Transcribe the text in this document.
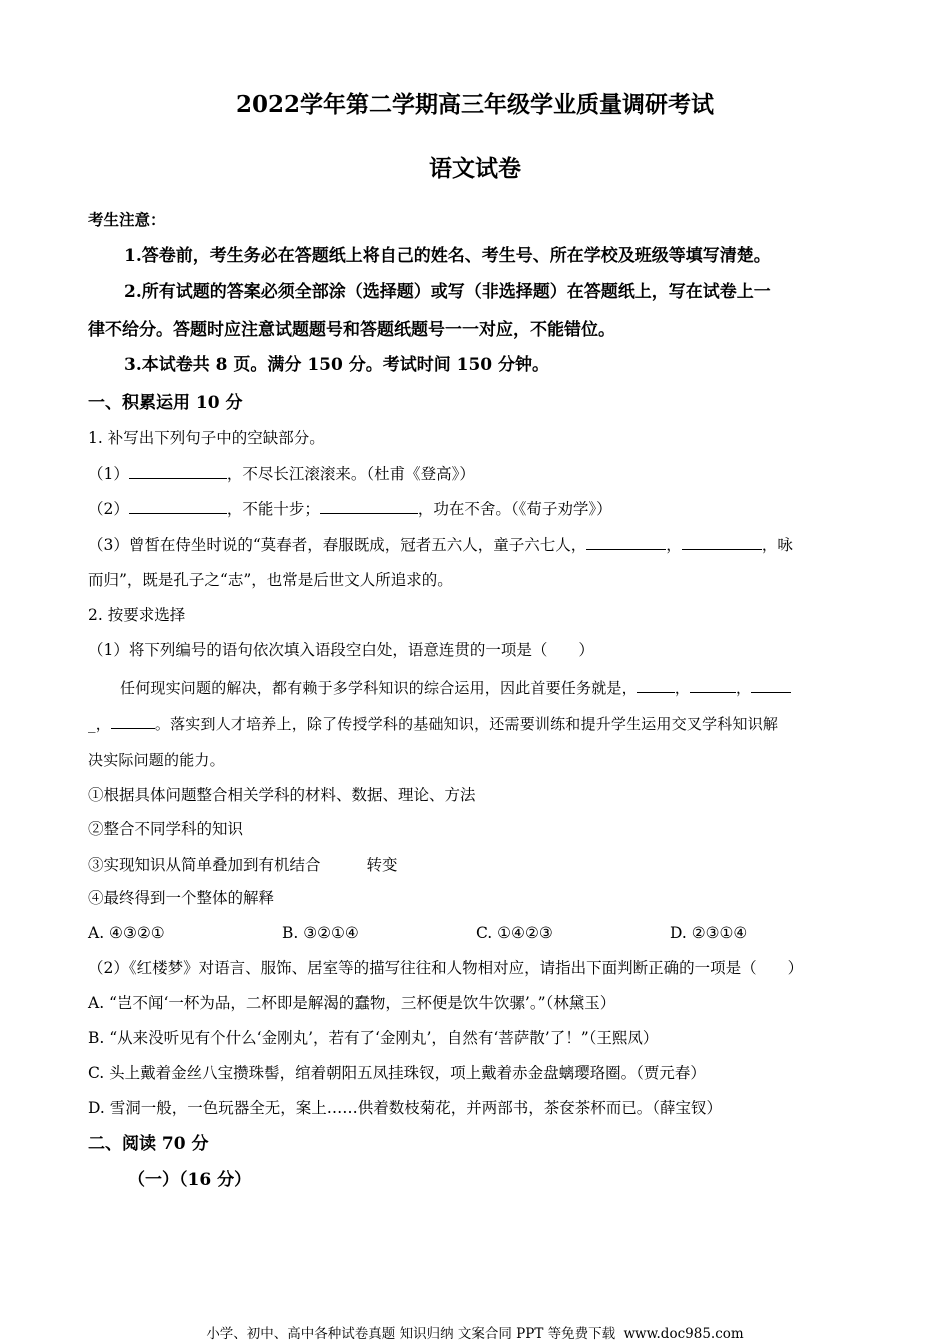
2022学年第二学期高三年级学业质量调研考试
语文试卷
考生注意：
1.答卷前，考生务必在答题纸上将自己的姓名、考生号、所在学校及班级等填写清楚。
2.所有试题的答案必须全部涂（选择题）或写（非选择题）在答题纸上，写在试卷上一
律不给分。答题时应注意试题题号和答题纸题号一一对应，不能错位。
3.本试卷共 8 页。满分 150 分。考试时间 150 分钟。
一、积累运用 10 分
1. 补写出下列句子中的空缺部分。
（1）	，不尽长江滚滚来。（杜甫《登高》）
（2）	，不能十步；	，功在不舍。（《荀子劝学》）
（3）曾皙在侍坐时说的“莫春者，春服既成，冠者五六人，童子六七人，	，	，咏
而归”，既是孔子之“志”，也常是后世文人所追求的。
2. 按要求选择
（1）将下列编号的语句依次填入语段空白处，语意连贯的一项是（　　）
任何现实问题的解决，都有赖于多学科知识的综合运用，因此首要任务就是，	，	，
_，	。落实到人才培养上，除了传授学科的基础知识，还需要训练和提升学生运用交叉学科知识解
决实际问题的能力。
①根据具体问题整合相关学科的材料、数据、理论、方法
②整合不同学科的知识
③实现知识从简单叠加到有机结合	转变
④最终得到一个整体的解释
A. ④③②①	B. ③②①④	C. ①④②③	D. ②③①④
（2）《红楼梦》对语言、服饰、居室等的描写往往和人物相对应，请指出下面判断正确的一项是（　　）
A. “岂不闻‘一杯为品，二杯即是解渴的蠢物，三杯便是饮牛饮骡’。”（林黛玉）
B. “从来没听见有个什么‘金刚丸’，若有了‘金刚丸’，自然有‘菩萨散’了！”（王熙凤）
C. 头上戴着金丝八宝攒珠髻，绾着朝阳五凤挂珠钗，项上戴着赤金盘螭璎珞圈。（贾元春）
D. 雪洞一般，一色玩器全无，案上……供着数枝菊花，并两部书，茶奁茶杯而已。（薛宝钗）
二、阅读 70 分
（一）（16 分）
小学、初中、高中各种试卷真题 知识归纳 文案合同 PPT 等免费下载 www.doc985.com
